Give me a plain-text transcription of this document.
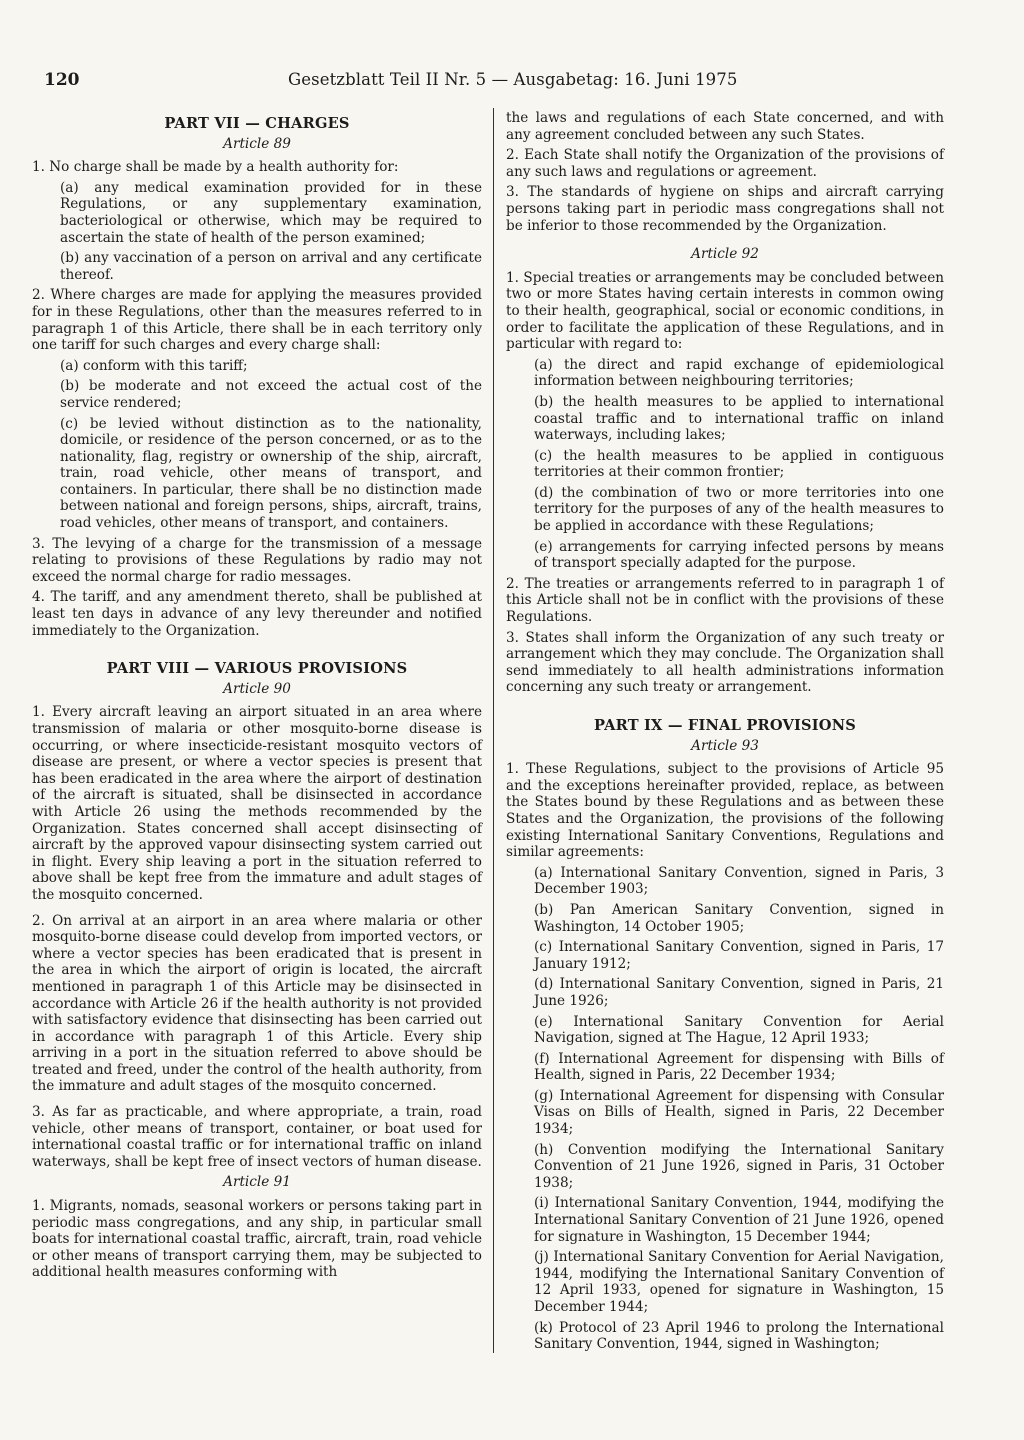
120	Gesetzblatt Teil II Nr. 5 — Ausgabetag: 16. Juni 1975
PART VII — CHARGES
Article 89

1. No charge shall be made by a health authority for:

(a) any medical examination provided for in these Regulations, or any supplementary examination, bacteriological or otherwise, which may be required to ascertain the state of health of the person examined;

(b) any vaccination of a person on arrival and any certificate thereof.

2. Where charges are made for applying the measures provided for in these Regulations, other than the measures referred to in paragraph 1 of this Article, there shall be in each territory only one tariff for such charges and every charge shall:

(a) conform with this tariff;

(b) be moderate and not exceed the actual cost of the service rendered;

(c) be levied without distinction as to the nationality, domicile, or residence of the person concerned, or as to the nationality, flag, registry or ownership of the ship, aircraft, train, road vehicle, other means of transport, and containers. In particular, there shall be no distinction made between national and foreign persons, ships, aircraft, trains, road vehicles, other means of transport, and containers.

3. The levying of a charge for the transmission of a message relating to provisions of these Regulations by radio may not exceed the normal charge for radio messages.

4. The tariff, and any amendment thereto, shall be published at least ten days in advance of any levy thereunder and notified immediately to the Organization.

PART VIII — VARIOUS PROVISIONS
Article 90

1. Every aircraft leaving an airport situated in an area where transmission of malaria or other mosquito-borne disease is occurring, or where insecticide-resistant mosquito vectors of disease are present, or where a vector species is present that has been eradicated in the area where the airport of destination of the aircraft is situated, shall be disinsected in accordance with Article 26 using the methods recommended by the Organization. States concerned shall accept disinsecting of aircraft by the approved vapour disinsecting system carried out in flight. Every ship leaving a port in the situation referred to above shall be kept free from the immature and adult stages of the mosquito concerned.

2. On arrival at an airport in an area where malaria or other mosquito-borne disease could develop from imported vectors, or where a vector species has been eradicated that is present in the area in which the airport of origin is located, the aircraft mentioned in paragraph 1 of this Article may be disinsected in accordance with Article 26 if the health authority is not provided with satisfactory evidence that disinsecting has been carried out in accordance with paragraph 1 of this Article. Every ship arriving in a port in the situation referred to above should be treated and freed, under the control of the health authority, from the immature and adult stages of the mosquito concerned.

3. As far as practicable, and where appropriate, a train, road vehicle, other means of transport, container, or boat used for international coastal traffic or for international traffic on inland waterways, shall be kept free of insect vectors of human disease.

Article 91

1. Migrants, nomads, seasonal workers or persons taking part in periodic mass congregations, and any ship, in particular small boats for international coastal traffic, aircraft, train, road vehicle or other means of transport carrying them, may be subjected to additional health measures conforming with

the laws and regulations of each State concerned, and with any agreement concluded between any such States.

2. Each State shall notify the Organization of the provisions of any such laws and regulations or agreement.

3. The standards of hygiene on ships and aircraft carrying persons taking part in periodic mass congregations shall not be inferior to those recommended by the Organization.

Article 92

1. Special treaties or arrangements may be concluded between two or more States having certain interests in common owing to their health, geographical, social or economic conditions, in order to facilitate the application of these Regulations, and in particular with regard to:

(a) the direct and rapid exchange of epidemiological information between neighbouring territories;

(b) the health measures to be applied to international coastal traffic and to international traffic on inland waterways, including lakes;

(c) the health measures to be applied in contiguous territories at their common frontier;

(d) the combination of two or more territories into one territory for the purposes of any of the health measures to be applied in accordance with these Regulations;

(e) arrangements for carrying infected persons by means of transport specially adapted for the purpose.

2. The treaties or arrangements referred to in paragraph 1 of this Article shall not be in conflict with the provisions of these Regulations.

3. States shall inform the Organization of any such treaty or arrangement which they may conclude. The Organization shall send immediately to all health administrations information concerning any such treaty or arrangement.

PART IX — FINAL PROVISIONS
Article 93

1. These Regulations, subject to the provisions of Article 95 and the exceptions hereinafter provided, replace, as between the States bound by these Regulations and as between these States and the Organization, the provisions of the following existing International Sanitary Conventions, Regulations and similar agreements:

(a) International Sanitary Convention, signed in Paris, 3 December 1903;

(b) Pan American Sanitary Convention, signed in Washington, 14 October 1905;

(c) International Sanitary Convention, signed in Paris, 17 January 1912;

(d) International Sanitary Convention, signed in Paris, 21 June 1926;

(e) International Sanitary Convention for Aerial Navigation, signed at The Hague, 12 April 1933;

(f) International Agreement for dispensing with Bills of Health, signed in Paris, 22 December 1934;

(g) International Agreement for dispensing with Consular Visas on Bills of Health, signed in Paris, 22 December 1934;

(h) Convention modifying the International Sanitary Convention of 21 June 1926, signed in Paris, 31 October 1938;

(i) International Sanitary Convention, 1944, modifying the International Sanitary Convention of 21 June 1926, opened for signature in Washington, 15 December 1944;

(j) International Sanitary Convention for Aerial Navigation, 1944, modifying the International Sanitary Convention of 12 April 1933, opened for signature in Washington, 15 December 1944;

(k) Protocol of 23 April 1946 to prolong the International Sanitary Convention, 1944, signed in Washington;
